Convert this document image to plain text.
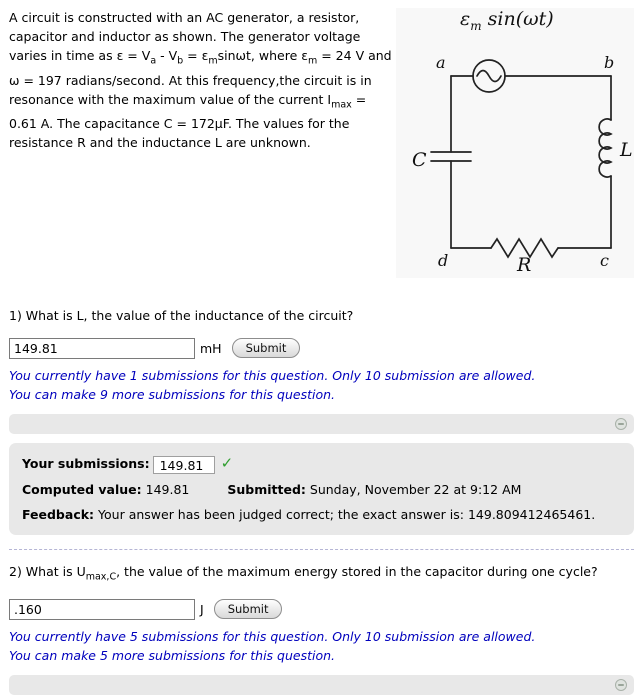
A circuit is constructed with an AC generator, a resistor, capacitor and inductor as shown. The generator voltage varies in time as $\varepsilon = V_a - V_b = \varepsilon_m\sin\omega t$, where $\varepsilon_m = 24$ V and ω = 197 radians/second. At this frequency,the circuit is in resonance with the maximum value of the current $I_{max} = 0.61$ A. The capacitance C = 172μF. The values for the resistance R and the inductance L are unknown.
$\varepsilon_m$ sin(ωt)
a	b
d	c
C	L
R
1) What is L, the value of the inductance of the circuit?
149.81
mH	Submit
You currently have 1 submissions for this question. Only 10 submission are allowed.
You can make 9 more submissions for this question.
Your submissions: 149.81 ✓
Computed value: 149.81	Submitted: Sunday, November 22 at 9:12 AM
Feedback: Your answer has been judged correct; the exact answer is: 149.809412465461.
2) What is $U_{max,C}$, the value of the maximum energy stored in the capacitor during one cycle?
.160
J	Submit
You currently have 5 submissions for this question. Only 10 submission are allowed.
You can make 5 more submissions for this question.
